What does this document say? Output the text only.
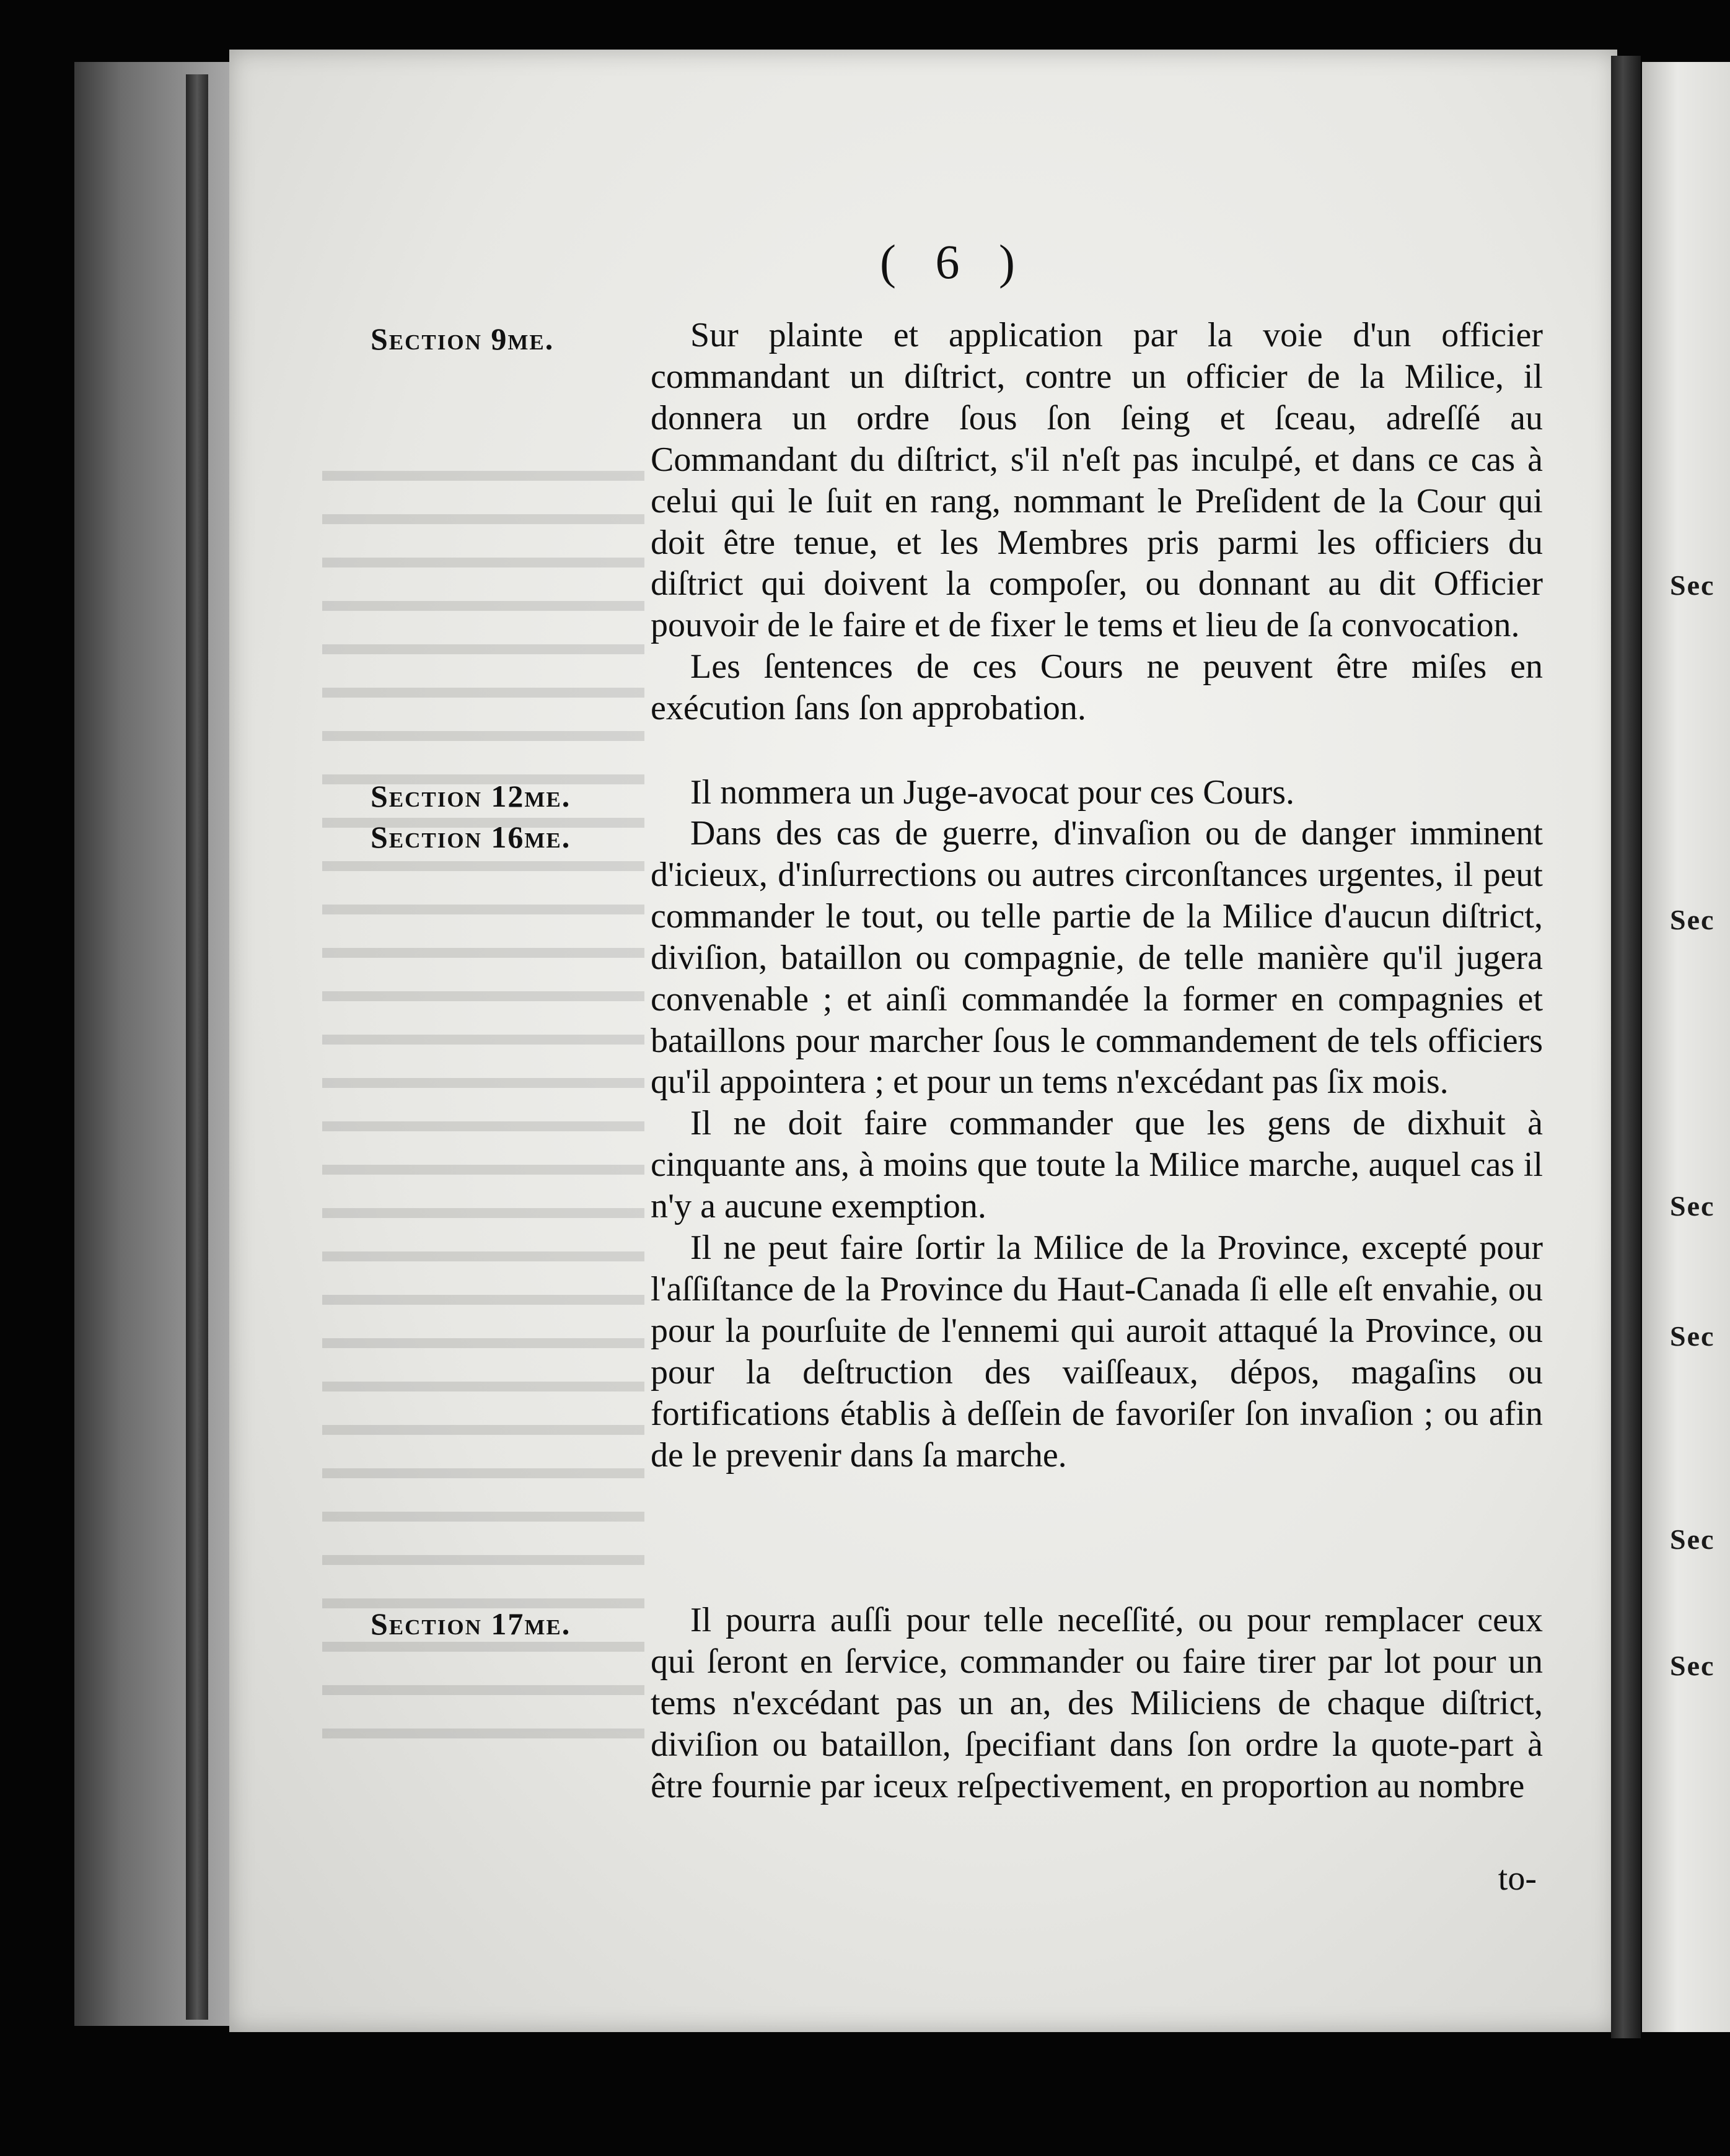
Sec
Sec
Sec
Sec
Sec
Sec
( 6 )
Section 9me.
Section 12me.
Section 16me.
Section 17me.

Sur plainte et application par la voie d'un officier commandant un diſtrict, contre un officier de la Milice, il donnera un ordre ſous ſon ſeing et ſceau, adreſſé au Commandant du diſtrict, s'il n'eſt pas inculpé, et dans ce cas à celui qui le ſuit en rang, nommant le Preſident de la Cour qui doit être tenue, et les Membres pris parmi les officiers du diſtrict qui doivent la compoſer, ou donnant au dit Officier pouvoir de le faire et de fixer le tems et lieu de ſa convocation.

Les ſentences de ces Cours ne peuvent être miſes en exécution ſans ſon approbation.

Il nommera un Juge-avocat pour ces Cours.

Dans des cas de guerre, d'invaſion ou de danger imminent d'icieux, d'inſurrections ou autres circonſtances urgentes, il peut commander le tout, ou telle partie de la Milice d'aucun diſtrict, diviſion, bataillon ou compagnie, de telle manière qu'il jugera convenable ; et ainſi commandée la former en compagnies et bataillons pour marcher ſous le commandement de tels officiers qu'il appointera ; et pour un tems n'excédant pas ſix mois.

Il ne doit faire commander que les gens de dixhuit à cinquante ans, à moins que toute la Milice marche, auquel cas il n'y a aucune exemption.

Il ne peut faire ſortir la Milice de la Province, excepté pour l'aſſiſtance de la Province du Haut-Canada ſi elle eſt envahie, ou pour la pourſuite de l'ennemi qui auroit attaqué la Province, ou pour la deſtruction des vaiſſeaux, dépos, magaſins ou fortifications établis à deſſein de favoriſer ſon invaſion ; ou afin de le prevenir dans ſa marche.

Il pourra auſſi pour telle neceſſité, ou pour remplacer ceux qui ſeront en ſervice, commander ou faire tirer par lot pour un tems n'excédant pas un an, des Miliciens de chaque diſtrict, diviſion ou bataillon, ſpecifiant dans ſon ordre la quote-part à être fournie par iceux reſpectivement, en proportion au nombre

to-
